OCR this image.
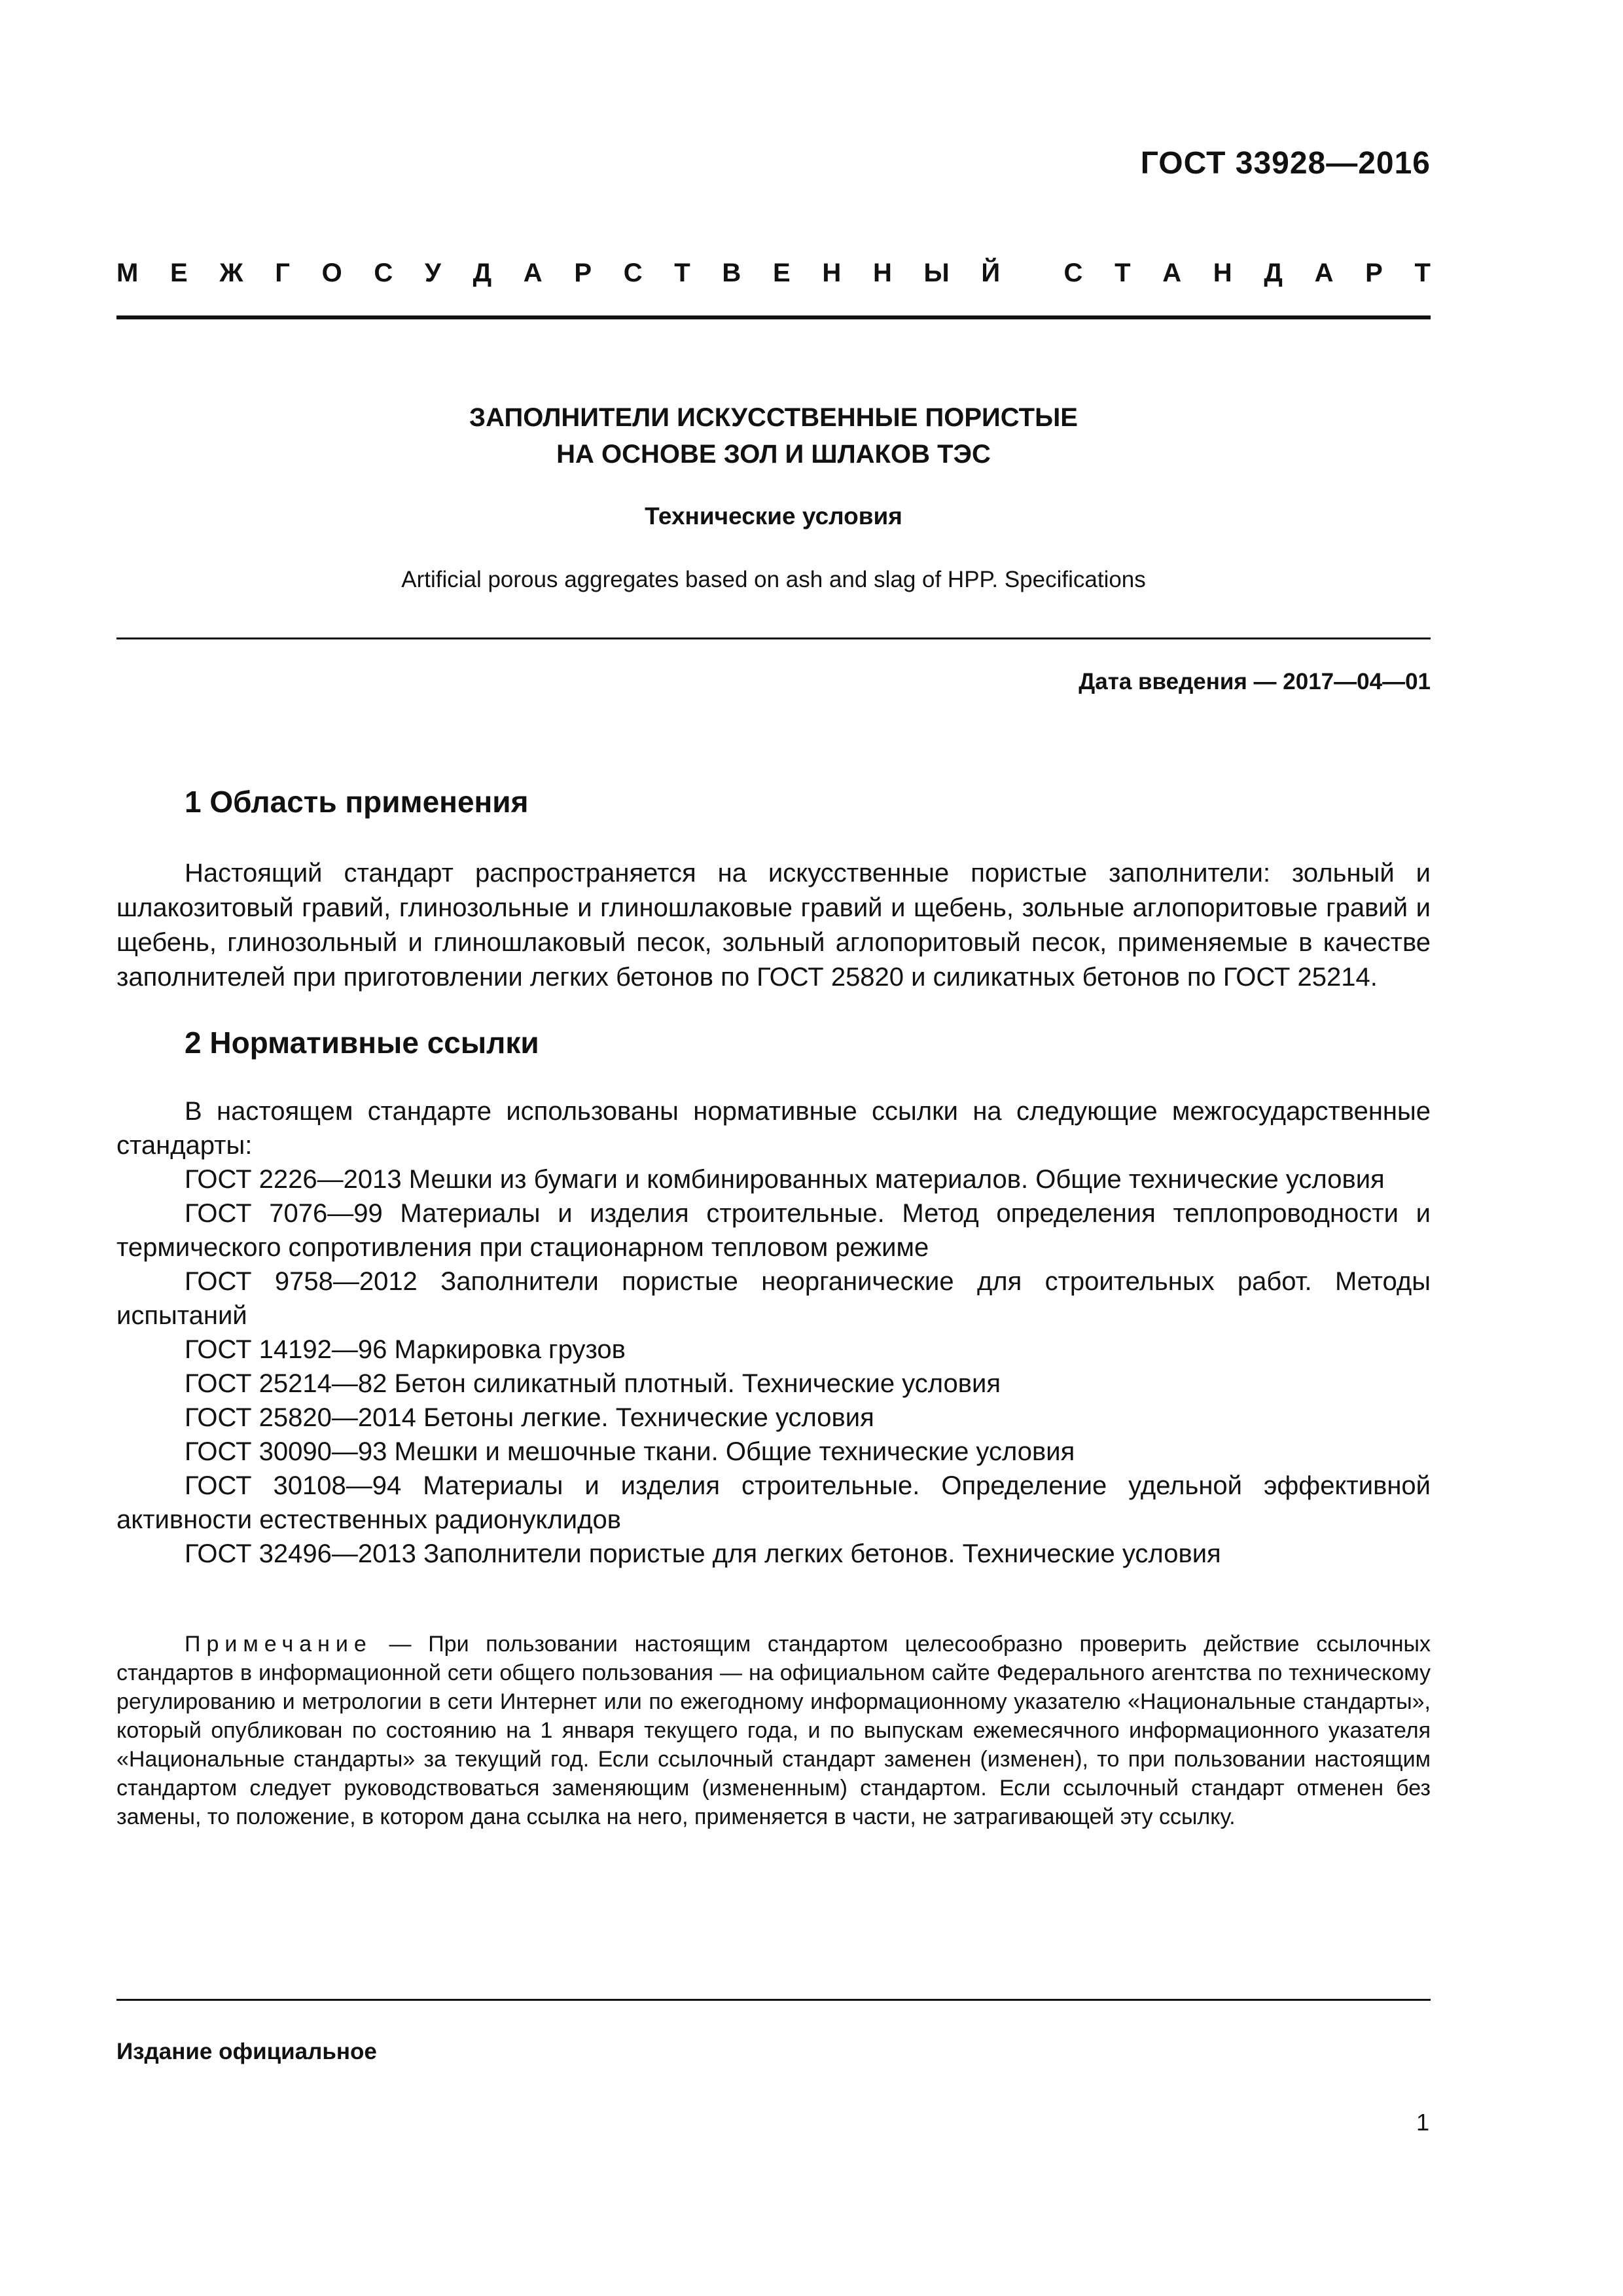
ГОСТ 33928—2016
М Е Ж Г О С У Д А Р С Т В Е Н Н Ы Й С Т А Н Д А Р Т
ЗАПОЛНИТЕЛИ ИСКУССТВЕННЫЕ ПОРИСТЫЕ
НА ОСНОВЕ ЗОЛ И ШЛАКОВ ТЭС
Технические условия
Artificial porous aggregates based on ash and slag of HPP. Specifications
Дата введения — 2017—04—01
1 Область применения

Настоящий стандарт распространяется на искусственные пористые заполнители: зольный и шлакозитовый гравий, глинозольные и глиношлаковые гравий и щебень, зольные аглопоритовые гравий и щебень, глинозольный и глиношлаковый песок, зольный аглопоритовый песок, применяемые в качестве заполнителей при приготовлении легких бетонов по ГОСТ 25820 и силикатных бетонов по ГОСТ 25214.

2 Нормативные ссылки

В настоящем стандарте использованы нормативные ссылки на следующие межгосударственные стандарты:

ГОСТ 2226—2013 Мешки из бумаги и комбинированных материалов. Общие технические условия

ГОСТ 7076—99 Материалы и изделия строительные. Метод определения теплопроводности и термического сопротивления при стационарном тепловом режиме

ГОСТ 9758—2012 Заполнители пористые неорганические для строительных работ. Методы испытаний

ГОСТ 14192—96 Маркировка грузов

ГОСТ 25214—82 Бетон силикатный плотный. Технические условия

ГОСТ 25820—2014 Бетоны легкие. Технические условия

ГОСТ 30090—93 Мешки и мешочные ткани. Общие технические условия

ГОСТ 30108—94 Материалы и изделия строительные. Определение удельной эффективной активности естественных радионуклидов

ГОСТ 32496—2013 Заполнители пористые для легких бетонов. Технические условия

Примечание — При пользовании настоящим стандартом целесообразно проверить действие ссылочных стандартов в информационной сети общего пользования — на официальном сайте Федерального агентства по техническому регулированию и метрологии в сети Интернет или по ежегодному информационному указателю «Национальные стандарты», который опубликован по состоянию на 1 января текущего года, и по выпускам ежемесячного информационного указателя «Национальные стандарты» за текущий год. Если ссылочный стандарт заменен (изменен), то при пользовании настоящим стандартом следует руководствоваться заменяющим (измененным) стандартом. Если ссылочный стандарт отменен без замены, то положение, в котором дана ссылка на него, применяется в части, не затрагивающей эту ссылку.

Издание официальное
1
